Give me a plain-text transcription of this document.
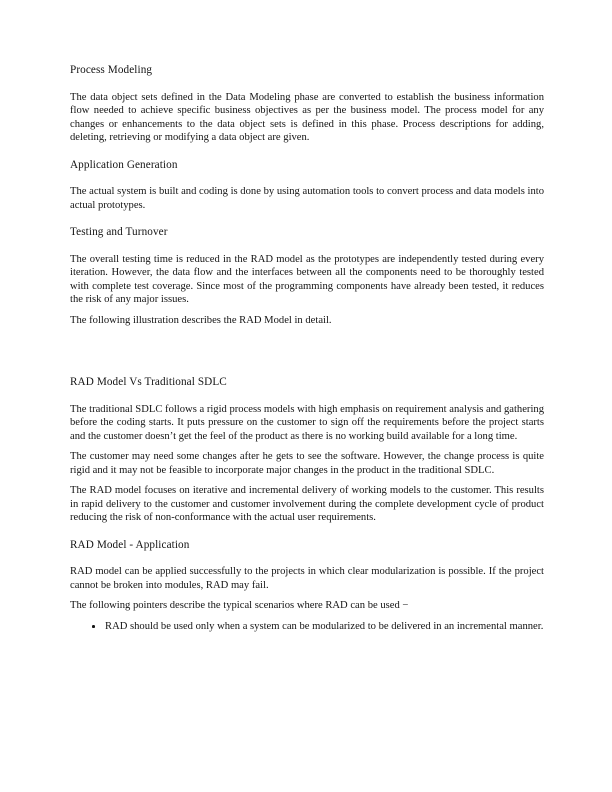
Process Modeling

The data object sets defined in the Data Modeling phase are converted to establish the business information flow needed to achieve specific business objectives as per the business model. The process model for any changes or enhancements to the data object sets is defined in this phase. Process descriptions for adding, deleting, retrieving or modifying a data object are given.

Application Generation

The actual system is built and coding is done by using automation tools to convert process and data models into actual prototypes.

Testing and Turnover

The overall testing time is reduced in the RAD model as the prototypes are independently tested during every iteration. However, the data flow and the interfaces between all the components need to be thoroughly tested with complete test coverage. Since most of the programming components have already been tested, it reduces the risk of any major issues.

The following illustration describes the RAD Model in detail.

RAD Model Vs Traditional SDLC

The traditional SDLC follows a rigid process models with high emphasis on requirement analysis and gathering before the coding starts. It puts pressure on the customer to sign off the requirements before the project starts and the customer doesn’t get the feel of the product as there is no working build available for a long time.

The customer may need some changes after he gets to see the software. However, the change process is quite rigid and it may not be feasible to incorporate major changes in the product in the traditional SDLC.

The RAD model focuses on iterative and incremental delivery of working models to the customer. This results in rapid delivery to the customer and customer involvement during the complete development cycle of product reducing the risk of non-conformance with the actual user requirements.

RAD Model - Application

RAD model can be applied successfully to the projects in which clear modularization is possible. If the project cannot be broken into modules, RAD may fail.

The following pointers describe the typical scenarios where RAD can be used −

RAD should be used only when a system can be modularized to be delivered in an incremental manner.
